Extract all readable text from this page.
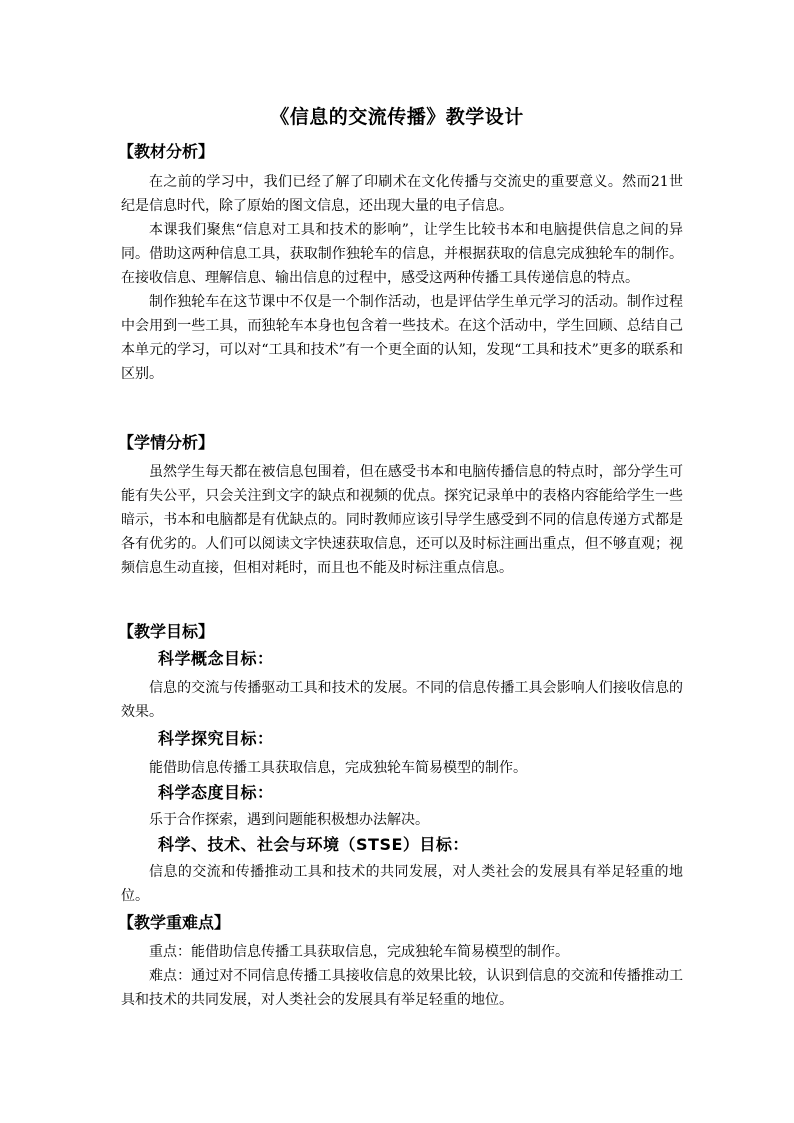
《信息的交流传播》教学设计
【教材分析】

在之前的学习中，我们已经了解了印刷术在文化传播与交流史的重要意义。然而21世纪是信息时代，除了原始的图文信息，还出现大量的电子信息。

本课我们聚焦“信息对工具和技术的影响”，让学生比较书本和电脑提供信息之间的异同。借助这两种信息工具，获取制作独轮车的信息，并根据获取的信息完成独轮车的制作。在接收信息、理解信息、输出信息的过程中，感受这两种传播工具传递信息的特点。

制作独轮车在这节课中不仅是一个制作活动，也是评估学生单元学习的活动。制作过程中会用到一些工具，而独轮车本身也包含着一些技术。在这个活动中，学生回顾、总结自己本单元的学习，可以对“工具和技术”有一个更全面的认知，发现“工具和技术”更多的联系和区别。

【学情分析】

虽然学生每天都在被信息包围着，但在感受书本和电脑传播信息的特点时，部分学生可能有失公平，只会关注到文字的缺点和视频的优点。探究记录单中的表格内容能给学生一些暗示，书本和电脑都是有优缺点的。同时教师应该引导学生感受到不同的信息传递方式都是各有优劣的。人们可以阅读文字快速获取信息，还可以及时标注画出重点，但不够直观；视频信息生动直接，但相对耗时，而且也不能及时标注重点信息。

【教学目标】
科学概念目标：

信息的交流与传播驱动工具和技术的发展。不同的信息传播工具会影响人们接收信息的效果。

科学探究目标：

能借助信息传播工具获取信息，完成独轮车简易模型的制作。

科学态度目标：

乐于合作探索，遇到问题能积极想办法解决。

科学、技术、社会与环境（STSE）目标：

信息的交流和传播推动工具和技术的共同发展，对人类社会的发展具有举足轻重的地位。

【教学重难点】

重点：能借助信息传播工具获取信息，完成独轮车简易模型的制作。

难点：通过对不同信息传播工具接收信息的效果比较，认识到信息的交流和传播推动工具和技术的共同发展，对人类社会的发展具有举足轻重的地位。
